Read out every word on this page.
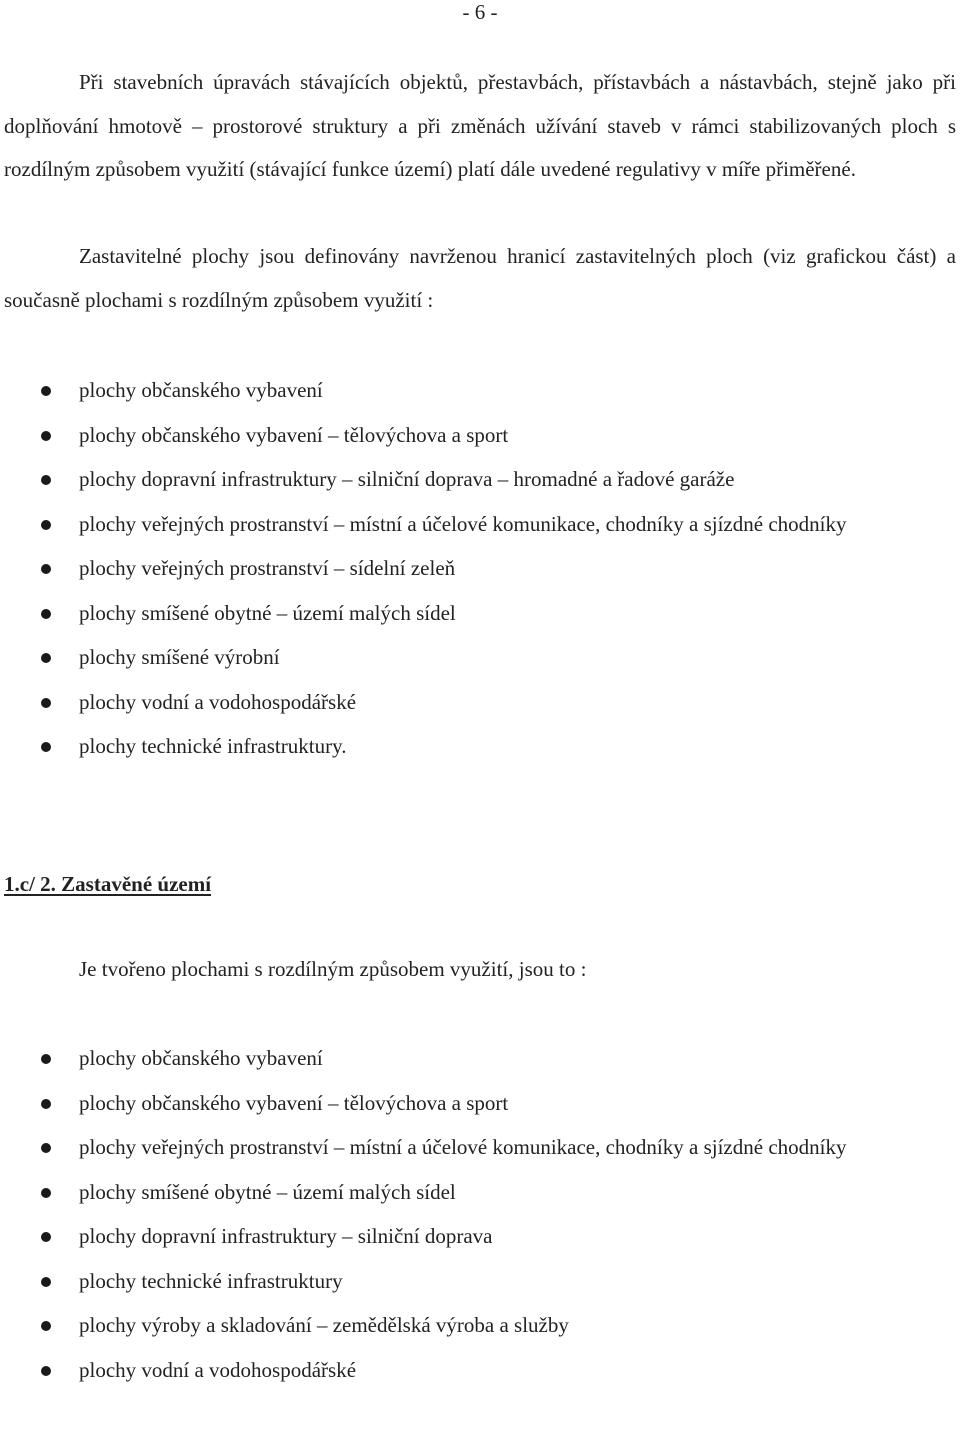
- 6 -

Při stavebních úpravách stávajících objektů, přestavbách, přístavbách a nástavbách, stejně jako při doplňování hmotově – prostorové struktury a při změnách užívání staveb v rámci stabilizovaných ploch s rozdílným způsobem využití (stávající funkce území) platí dále uvedené regulativy v míře přiměřené.

Zastavitelné plochy jsou definovány navrženou hranicí zastavitelných ploch (viz grafickou část) a současně plochami s rozdílným způsobem využití :

plochy občanského vybavení
plochy občanského vybavení – tělovýchova a sport
plochy dopravní infrastruktury – silniční doprava – hromadné a řadové garáže
plochy veřejných prostranství – místní a účelové komunikace, chodníky a sjízdné chodníky
plochy veřejných prostranství – sídelní zeleň
plochy smíšené obytné – území malých sídel
plochy smíšené výrobní
plochy vodní a vodohospodářské
plochy technické infrastruktury.
1.c/ 2. Zastavěné území

Je tvořeno plochami s rozdílným způsobem využití, jsou to :

plochy občanského vybavení
plochy občanského vybavení – tělovýchova a sport
plochy veřejných prostranství – místní a účelové komunikace, chodníky a sjízdné chodníky
plochy smíšené obytné – území malých sídel
plochy dopravní infrastruktury – silniční doprava
plochy technické infrastruktury
plochy výroby a skladování – zemědělská výroba a služby
plochy vodní a vodohospodářské
